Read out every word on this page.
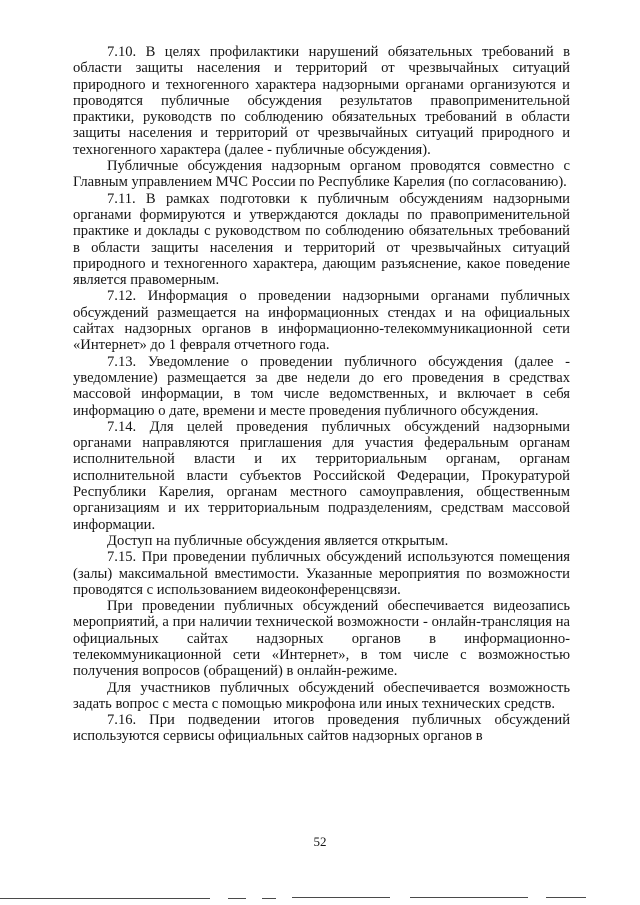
7.10. В целях профилактики нарушений обязательных требований в области защиты населения и территорий от чрезвычайных ситуаций природного и техногенного характера надзорными органами организуются и проводятся публичные обсуждения результатов правоприменительной практики, руководств по соблюдению обязательных требований в области защиты населения и территорий от чрезвычайных ситуаций природного и техногенного характера (далее - публичные обсуждения).

Публичные обсуждения надзорным органом проводятся совместно с Главным управлением МЧС России по Республике Карелия (по согласованию).

7.11. В рамках подготовки к публичным обсуждениям надзорными органами формируются и утверждаются доклады по правоприменительной практике и доклады с руководством по соблюдению обязательных требований в области защиты населения и территорий от чрезвычайных ситуаций природного и техногенного характера, дающим разъяснение, какое поведение является правомерным.

7.12. Информация о проведении надзорными органами публичных обсуждений размещается на информационных стендах и на официальных сайтах надзорных органов в информационно-телекоммуникационной сети «Интернет» до 1 февраля отчетного года.

7.13. Уведомление о проведении публичного обсуждения (далее - уведомление) размещается за две недели до его проведения в средствах массовой информации, в том числе ведомственных, и включает в себя информацию о дате, времени и месте проведения публичного обсуждения.

7.14. Для целей проведения публичных обсуждений надзорными органами направляются приглашения для участия федеральным органам исполнительной власти и их территориальным органам, органам исполнительной власти субъектов Российской Федерации, Прокуратурой Республики Карелия, органам местного самоуправления, общественным организациям и их территориальным подразделениям, средствам массовой информации.

Доступ на публичные обсуждения является открытым.

7.15. При проведении публичных обсуждений используются помещения (залы) максимальной вместимости. Указанные мероприятия по возможности проводятся с использованием видеоконференцсвязи.

При проведении публичных обсуждений обеспечивается видеозапись мероприятий, а при наличии технической возможности - онлайн-трансляция на официальных сайтах надзорных органов в информационно-телекоммуникационной сети «Интернет», в том числе с возможностью получения вопросов (обращений) в онлайн-режиме.

Для участников публичных обсуждений обеспечивается возможность задать вопрос с места с помощью микрофона или иных технических средств.

7.16. При подведении итогов проведения публичных обсуждений используются сервисы официальных сайтов надзорных органов в

52
